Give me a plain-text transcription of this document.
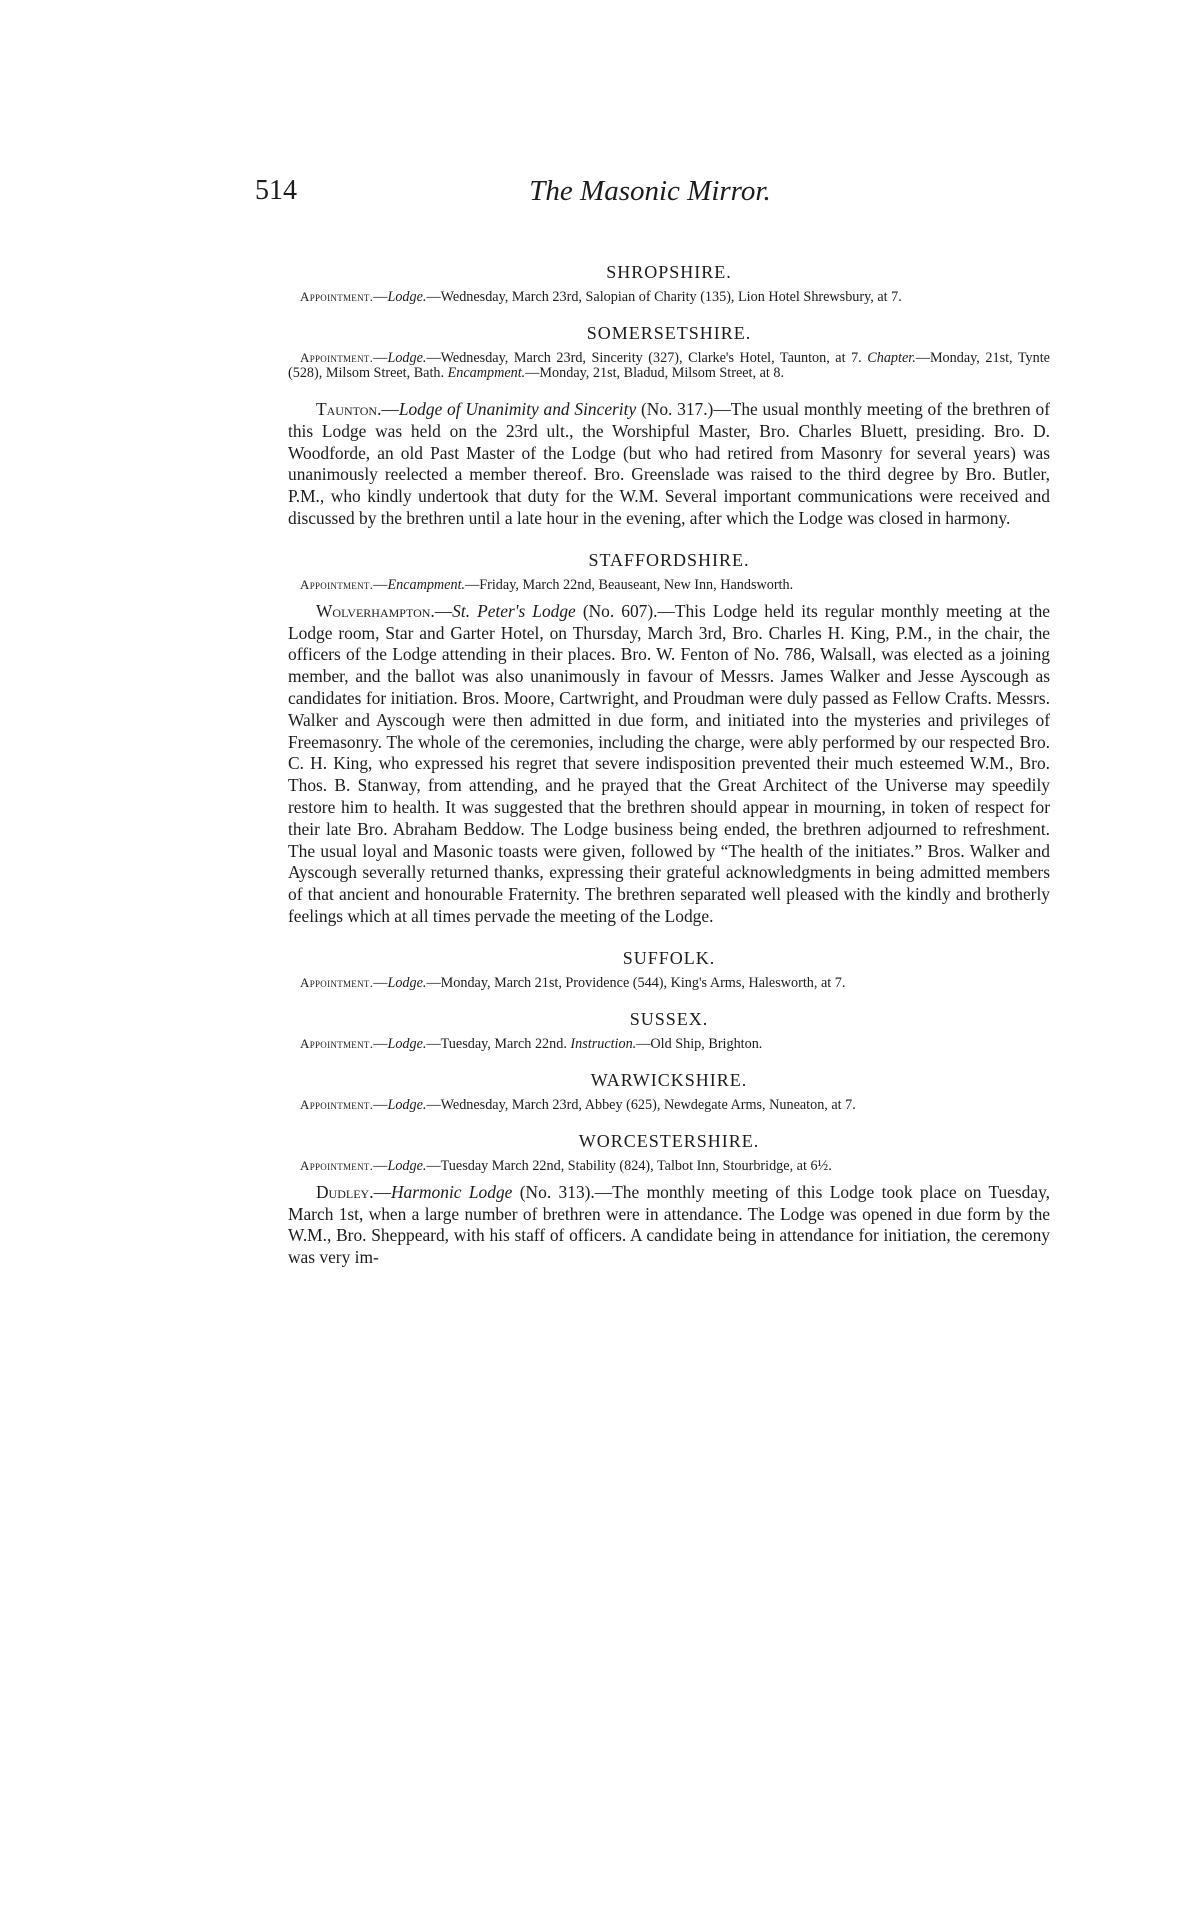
514	The Masonic Mirror.
SHROPSHIRE.

Appointment.—Lodge.—Wednesday, March 23rd, Salopian of Charity (135), Lion Hotel Shrewsbury, at 7.

SOMERSETSHIRE.

Appointment.—Lodge.—Wednesday, March 23rd, Sincerity (327), Clarke's Hotel, Taunton, at 7. Chapter.—Monday, 21st, Tynte (528), Milsom Street, Bath. Encampment.—Monday, 21st, Bladud, Milsom Street, at 8.

Taunton.—Lodge of Unanimity and Sincerity (No. 317.)—The usual monthly meeting of the brethren of this Lodge was held on the 23rd ult., the Worshipful Master, Bro. Charles Bluett, presiding. Bro. D. Woodforde, an old Past Master of the Lodge (but who had retired from Masonry for several years) was unanimously reelected a member thereof. Bro. Greenslade was raised to the third degree by Bro. Butler, P.M., who kindly undertook that duty for the W.M. Several important communications were received and discussed by the brethren until a late hour in the evening, after which the Lodge was closed in harmony.

STAFFORDSHIRE.

Appointment.—Encampment.—Friday, March 22nd, Beauseant, New Inn, Handsworth.

Wolverhampton.—St. Peter's Lodge (No. 607).—This Lodge held its regular monthly meeting at the Lodge room, Star and Garter Hotel, on Thursday, March 3rd, Bro. Charles H. King, P.M., in the chair, the officers of the Lodge attending in their places. Bro. W. Fenton of No. 786, Walsall, was elected as a joining member, and the ballot was also unanimously in favour of Messrs. James Walker and Jesse Ayscough as candidates for initiation. Bros. Moore, Cartwright, and Proudman were duly passed as Fellow Crafts. Messrs. Walker and Ayscough were then admitted in due form, and initiated into the mysteries and privileges of Freemasonry. The whole of the ceremonies, including the charge, were ably performed by our respected Bro. C. H. King, who expressed his regret that severe indisposition prevented their much esteemed W.M., Bro. Thos. B. Stanway, from attending, and he prayed that the Great Architect of the Universe may speedily restore him to health. It was suggested that the brethren should appear in mourning, in token of respect for their late Bro. Abraham Beddow. The Lodge business being ended, the brethren adjourned to refreshment. The usual loyal and Masonic toasts were given, followed by “The health of the initiates.” Bros. Walker and Ayscough severally returned thanks, expressing their grateful acknowledgments in being admitted members of that ancient and honourable Fraternity. The brethren separated well pleased with the kindly and brotherly feelings which at all times pervade the meeting of the Lodge.

SUFFOLK.

Appointment.—Lodge.—Monday, March 21st, Providence (544), King's Arms, Halesworth, at 7.

SUSSEX.

Appointment.—Lodge.—Tuesday, March 22nd. Instruction.—Old Ship, Brighton.

WARWICKSHIRE.

Appointment.—Lodge.—Wednesday, March 23rd, Abbey (625), Newdegate Arms, Nuneaton, at 7.

WORCESTERSHIRE.

Appointment.—Lodge.—Tuesday March 22nd, Stability (824), Talbot Inn, Stourbridge, at 6½.

Dudley.—Harmonic Lodge (No. 313).—The monthly meeting of this Lodge took place on Tuesday, March 1st, when a large number of brethren were in attendance. The Lodge was opened in due form by the W.M., Bro. Sheppeard, with his staff of officers. A candidate being in attendance for initiation, the ceremony was very im-
